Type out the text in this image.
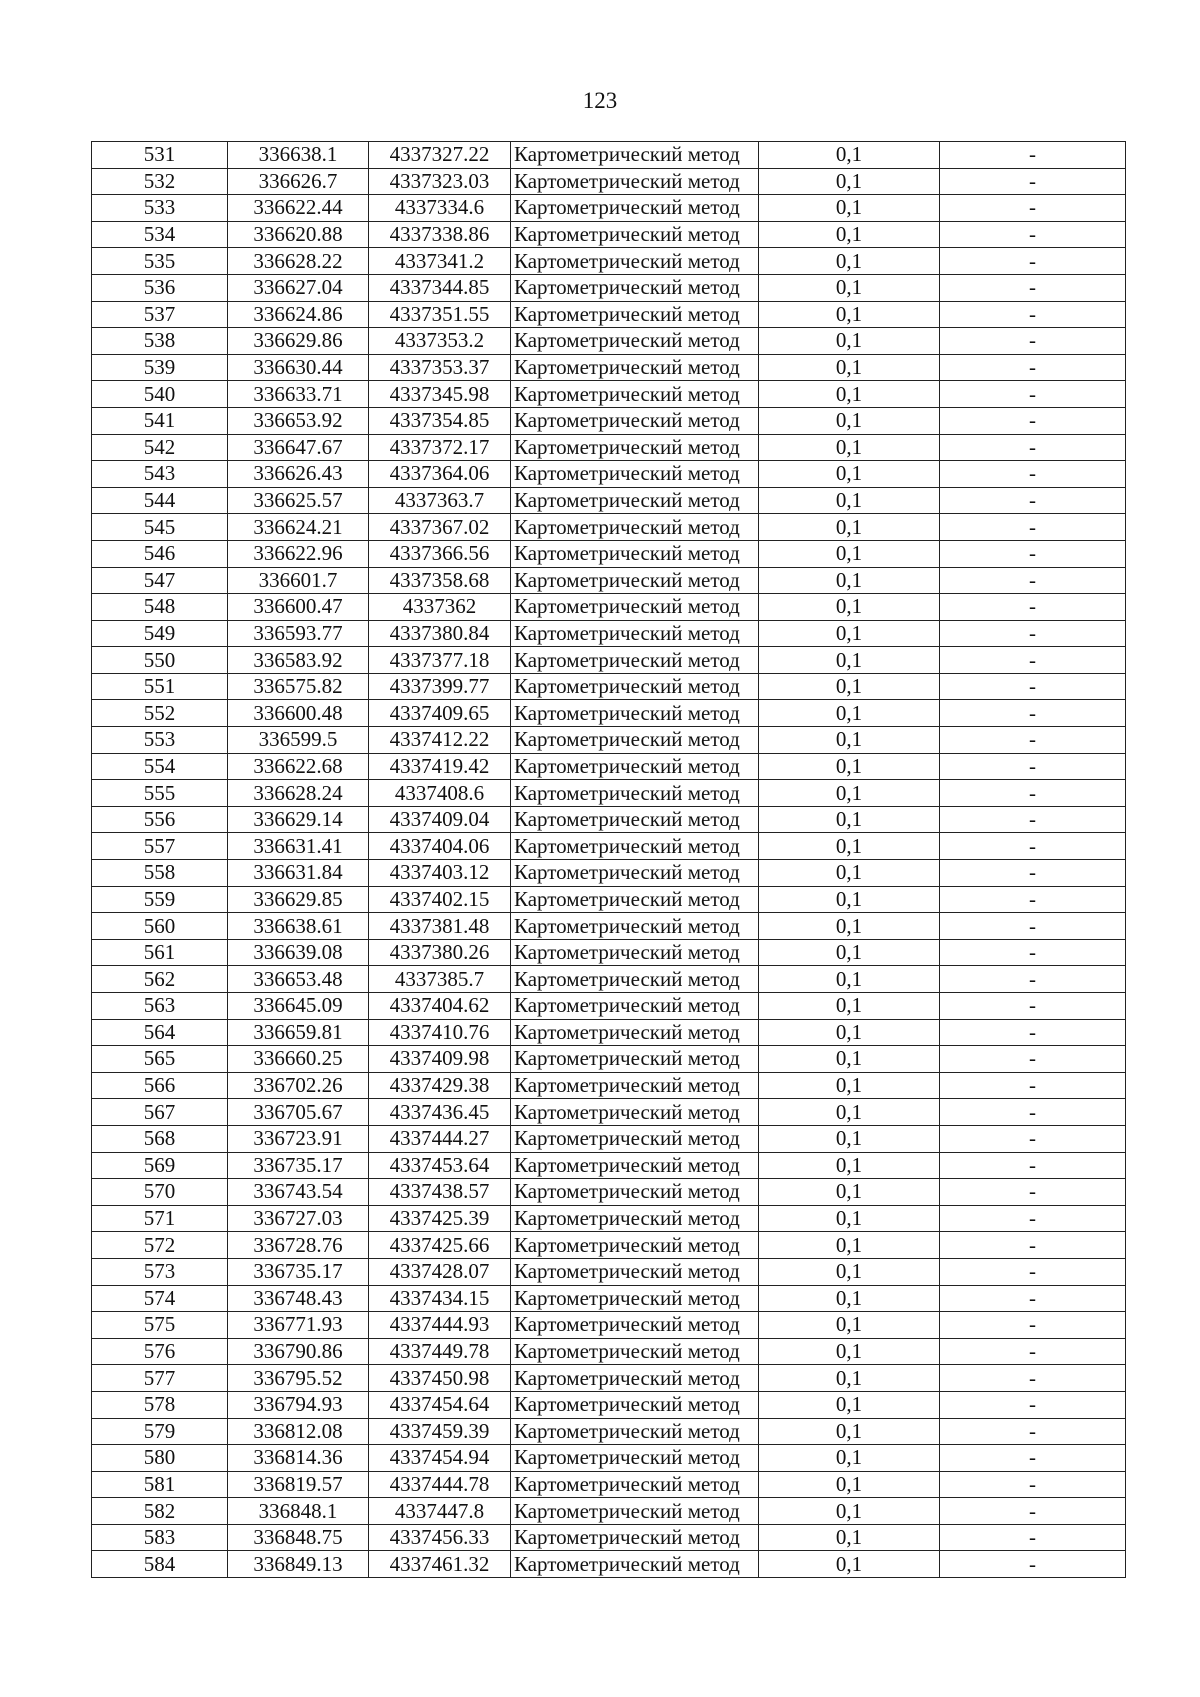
123
531	336638.1	4337327.22	Картометрический метод	0,1	-
532	336626.7	4337323.03	Картометрический метод	0,1	-
533	336622.44	4337334.6	Картометрический метод	0,1	-
534	336620.88	4337338.86	Картометрический метод	0,1	-
535	336628.22	4337341.2	Картометрический метод	0,1	-
536	336627.04	4337344.85	Картометрический метод	0,1	-
537	336624.86	4337351.55	Картометрический метод	0,1	-
538	336629.86	4337353.2	Картометрический метод	0,1	-
539	336630.44	4337353.37	Картометрический метод	0,1	-
540	336633.71	4337345.98	Картометрический метод	0,1	-
541	336653.92	4337354.85	Картометрический метод	0,1	-
542	336647.67	4337372.17	Картометрический метод	0,1	-
543	336626.43	4337364.06	Картометрический метод	0,1	-
544	336625.57	4337363.7	Картометрический метод	0,1	-
545	336624.21	4337367.02	Картометрический метод	0,1	-
546	336622.96	4337366.56	Картометрический метод	0,1	-
547	336601.7	4337358.68	Картометрический метод	0,1	-
548	336600.47	4337362	Картометрический метод	0,1	-
549	336593.77	4337380.84	Картометрический метод	0,1	-
550	336583.92	4337377.18	Картометрический метод	0,1	-
551	336575.82	4337399.77	Картометрический метод	0,1	-
552	336600.48	4337409.65	Картометрический метод	0,1	-
553	336599.5	4337412.22	Картометрический метод	0,1	-
554	336622.68	4337419.42	Картометрический метод	0,1	-
555	336628.24	4337408.6	Картометрический метод	0,1	-
556	336629.14	4337409.04	Картометрический метод	0,1	-
557	336631.41	4337404.06	Картометрический метод	0,1	-
558	336631.84	4337403.12	Картометрический метод	0,1	-
559	336629.85	4337402.15	Картометрический метод	0,1	-
560	336638.61	4337381.48	Картометрический метод	0,1	-
561	336639.08	4337380.26	Картометрический метод	0,1	-
562	336653.48	4337385.7	Картометрический метод	0,1	-
563	336645.09	4337404.62	Картометрический метод	0,1	-
564	336659.81	4337410.76	Картометрический метод	0,1	-
565	336660.25	4337409.98	Картометрический метод	0,1	-
566	336702.26	4337429.38	Картометрический метод	0,1	-
567	336705.67	4337436.45	Картометрический метод	0,1	-
568	336723.91	4337444.27	Картометрический метод	0,1	-
569	336735.17	4337453.64	Картометрический метод	0,1	-
570	336743.54	4337438.57	Картометрический метод	0,1	-
571	336727.03	4337425.39	Картометрический метод	0,1	-
572	336728.76	4337425.66	Картометрический метод	0,1	-
573	336735.17	4337428.07	Картометрический метод	0,1	-
574	336748.43	4337434.15	Картометрический метод	0,1	-
575	336771.93	4337444.93	Картометрический метод	0,1	-
576	336790.86	4337449.78	Картометрический метод	0,1	-
577	336795.52	4337450.98	Картометрический метод	0,1	-
578	336794.93	4337454.64	Картометрический метод	0,1	-
579	336812.08	4337459.39	Картометрический метод	0,1	-
580	336814.36	4337454.94	Картометрический метод	0,1	-
581	336819.57	4337444.78	Картометрический метод	0,1	-
582	336848.1	4337447.8	Картометрический метод	0,1	-
583	336848.75	4337456.33	Картометрический метод	0,1	-
584	336849.13	4337461.32	Картометрический метод	0,1	-
